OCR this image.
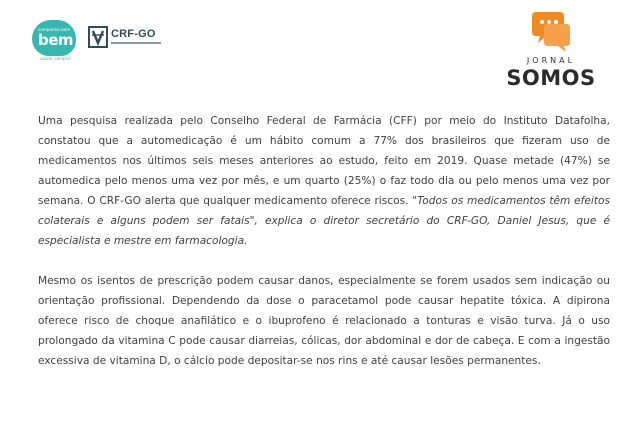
campanha bem
bem
saúde, sempre!
CRF-GO
JORNAL
SOMOS

Uma pesquisa realizada pelo Conselho Federal de Farmácia (CFF) por meio do Instituto Datafolha, constatou que a automedicação é um hábito comum a 77% dos brasileiros que fizeram uso de medicamentos nos últimos seis meses anteriores ao estudo, feito em 2019. Quase metade (47%) se automedica pelo menos uma vez por mês, e um quarto (25%) o faz todo dia ou pelo menos uma vez por semana. O CRF-GO alerta que qualquer medicamento oferece riscos. "Todos os medicamentos têm efeitos colaterais e alguns podem ser fatais", explica o diretor secretário do CRF-GO, Daniel Jesus, que é especialista e mestre em farmacologia.

Mesmo os isentos de prescrição podem causar danos, especialmente se forem usados sem indicação ou orientação profissional. Dependendo da dose o paracetamol pode causar hepatite tóxica. A dipirona oferece risco de choque anafilático e o ibuprofeno é relacionado a tonturas e visão turva. Já o uso prolongado da vitamina C pode causar diarreias, cólicas, dor abdominal e dor de cabeça. E com a ingestão excessiva de vitamina D, o cálcio pode depositar-se nos rins e até causar lesões permanentes.
